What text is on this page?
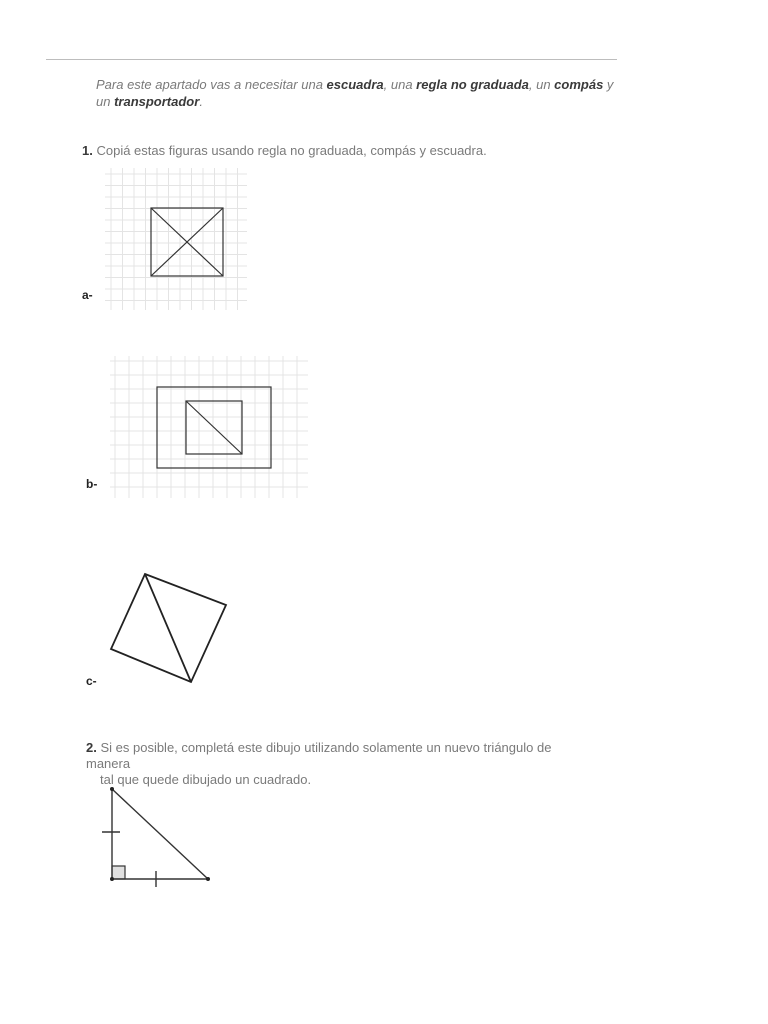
Para este apartado vas a necesitar una escuadra, una regla no graduada, un compás y un transportador.
1. Copiá estas figuras usando regla no graduada, compás y escuadra.
a-
b-
c-
2. Si es posible, completá este dibujo utilizando solamente un nuevo triángulo de manera
tal que quede dibujado un cuadrado.
